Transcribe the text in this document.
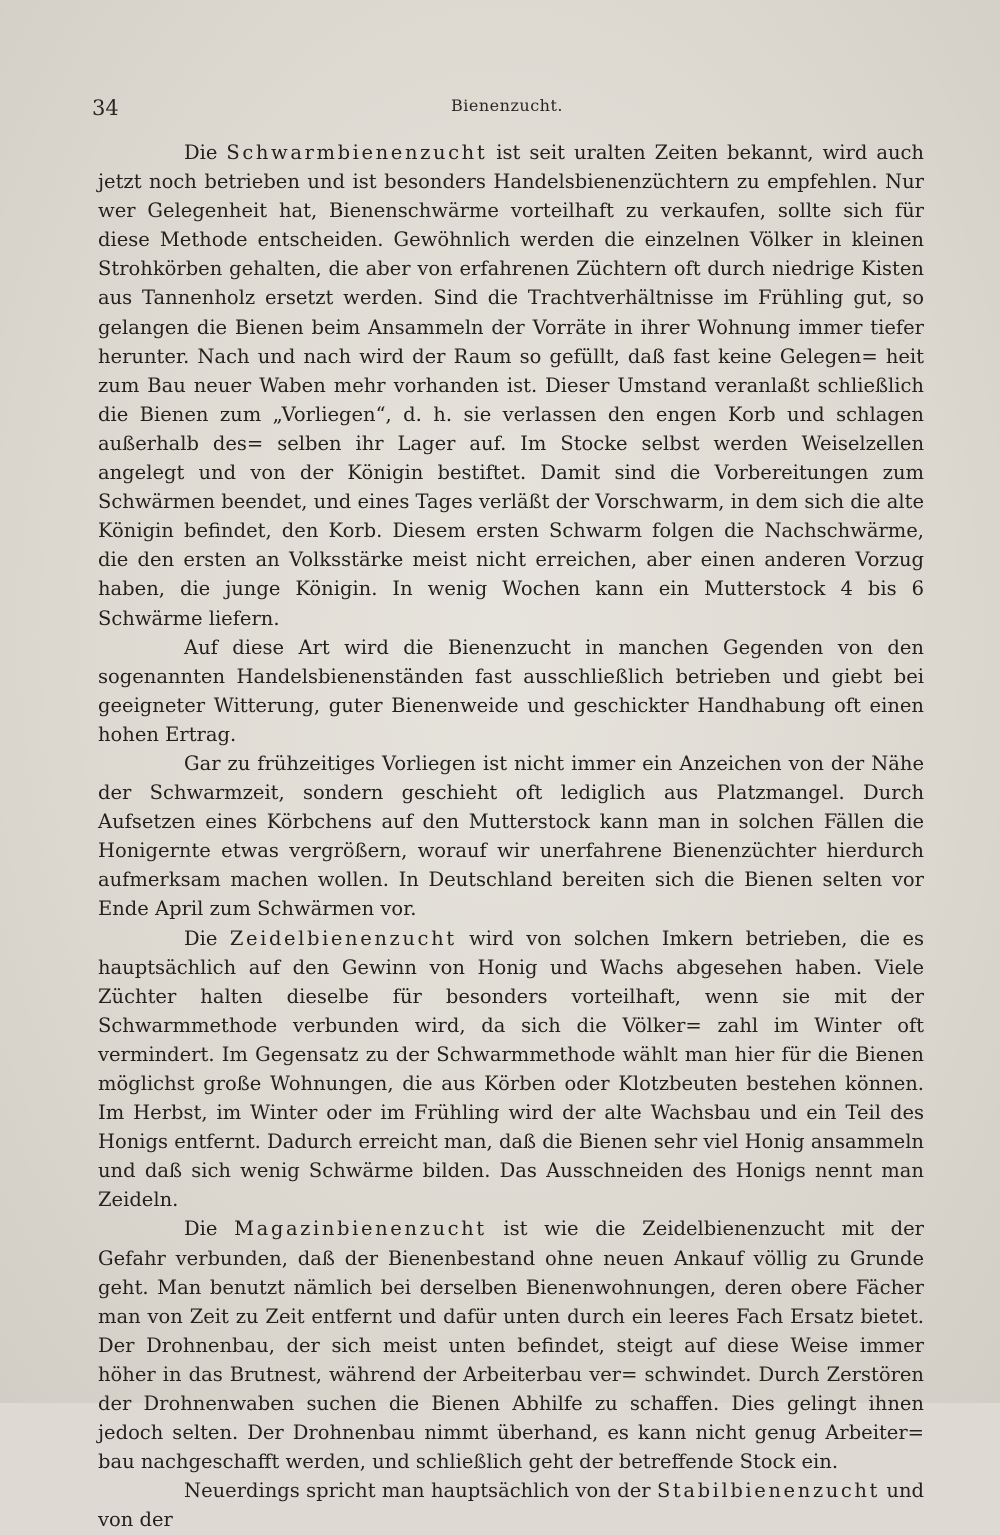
34	Bienenzucht.

Die Schwarmbienenzucht ist seit uralten Zeiten bekannt, wird auch jetzt noch betrieben und ist besonders Handelsbienenzüchtern zu empfehlen. Nur wer Gelegenheit hat, Bienenschwärme vorteilhaft zu verkaufen, sollte sich für diese Methode entscheiden. Gewöhnlich werden die einzelnen Völker in kleinen Strohkörben gehalten, die aber von erfahrenen Züchtern oft durch niedrige Kisten aus Tannenholz ersetzt werden. Sind die Trachtverhältnisse im Frühling gut, so gelangen die Bienen beim Ansammeln der Vorräte in ihrer Wohnung immer tiefer herunter. Nach und nach wird der Raum so gefüllt, daß fast keine Gelegen= heit zum Bau neuer Waben mehr vorhanden ist. Dieser Umstand veranlaßt schließlich die Bienen zum „Vorliegen“, d. h. sie verlassen den engen Korb und schlagen außerhalb des= selben ihr Lager auf. Im Stocke selbst werden Weiselzellen angelegt und von der Königin bestiftet. Damit sind die Vorbereitungen zum Schwärmen beendet, und eines Tages verläßt der Vorschwarm, in dem sich die alte Königin befindet, den Korb. Diesem ersten Schwarm folgen die Nachschwärme, die den ersten an Volksstärke meist nicht erreichen, aber einen anderen Vorzug haben, die junge Königin. In wenig Wochen kann ein Mutterstock 4 bis 6 Schwärme liefern.

Auf diese Art wird die Bienenzucht in manchen Gegenden von den sogenannten Handelsbienenständen fast ausschließlich betrieben und giebt bei geeigneter Witterung, guter Bienenweide und geschickter Handhabung oft einen hohen Ertrag.

Gar zu frühzeitiges Vorliegen ist nicht immer ein Anzeichen von der Nähe der Schwarmzeit, sondern geschieht oft lediglich aus Platzmangel. Durch Aufsetzen eines Körbchens auf den Mutterstock kann man in solchen Fällen die Honigernte etwas vergrößern, worauf wir unerfahrene Bienenzüchter hierdurch aufmerksam machen wollen. In Deutschland bereiten sich die Bienen selten vor Ende April zum Schwärmen vor.

Die Zeidelbienenzucht wird von solchen Imkern betrieben, die es hauptsächlich auf den Gewinn von Honig und Wachs abgesehen haben. Viele Züchter halten dieselbe für besonders vorteilhaft, wenn sie mit der Schwarmmethode verbunden wird, da sich die Völker= zahl im Winter oft vermindert. Im Gegensatz zu der Schwarmmethode wählt man hier für die Bienen möglichst große Wohnungen, die aus Körben oder Klotzbeuten bestehen können. Im Herbst, im Winter oder im Frühling wird der alte Wachsbau und ein Teil des Honigs entfernt. Dadurch erreicht man, daß die Bienen sehr viel Honig ansammeln und daß sich wenig Schwärme bilden. Das Ausschneiden des Honigs nennt man Zeideln.

Die Magazinbienenzucht ist wie die Zeidelbienenzucht mit der Gefahr verbunden, daß der Bienenbestand ohne neuen Ankauf völlig zu Grunde geht. Man benutzt nämlich bei derselben Bienenwohnungen, deren obere Fächer man von Zeit zu Zeit entfernt und dafür unten durch ein leeres Fach Ersatz bietet. Der Drohnenbau, der sich meist unten befindet, steigt auf diese Weise immer höher in das Brutnest, während der Arbeiterbau ver= schwindet. Durch Zerstören der Drohnenwaben suchen die Bienen Abhilfe zu schaffen. Dies gelingt ihnen jedoch selten. Der Drohnenbau nimmt überhand, es kann nicht genug Arbeiter= bau nachgeschafft werden, und schließlich geht der betreffende Stock ein.

Neuerdings spricht man hauptsächlich von der Stabilbienenzucht und von der
